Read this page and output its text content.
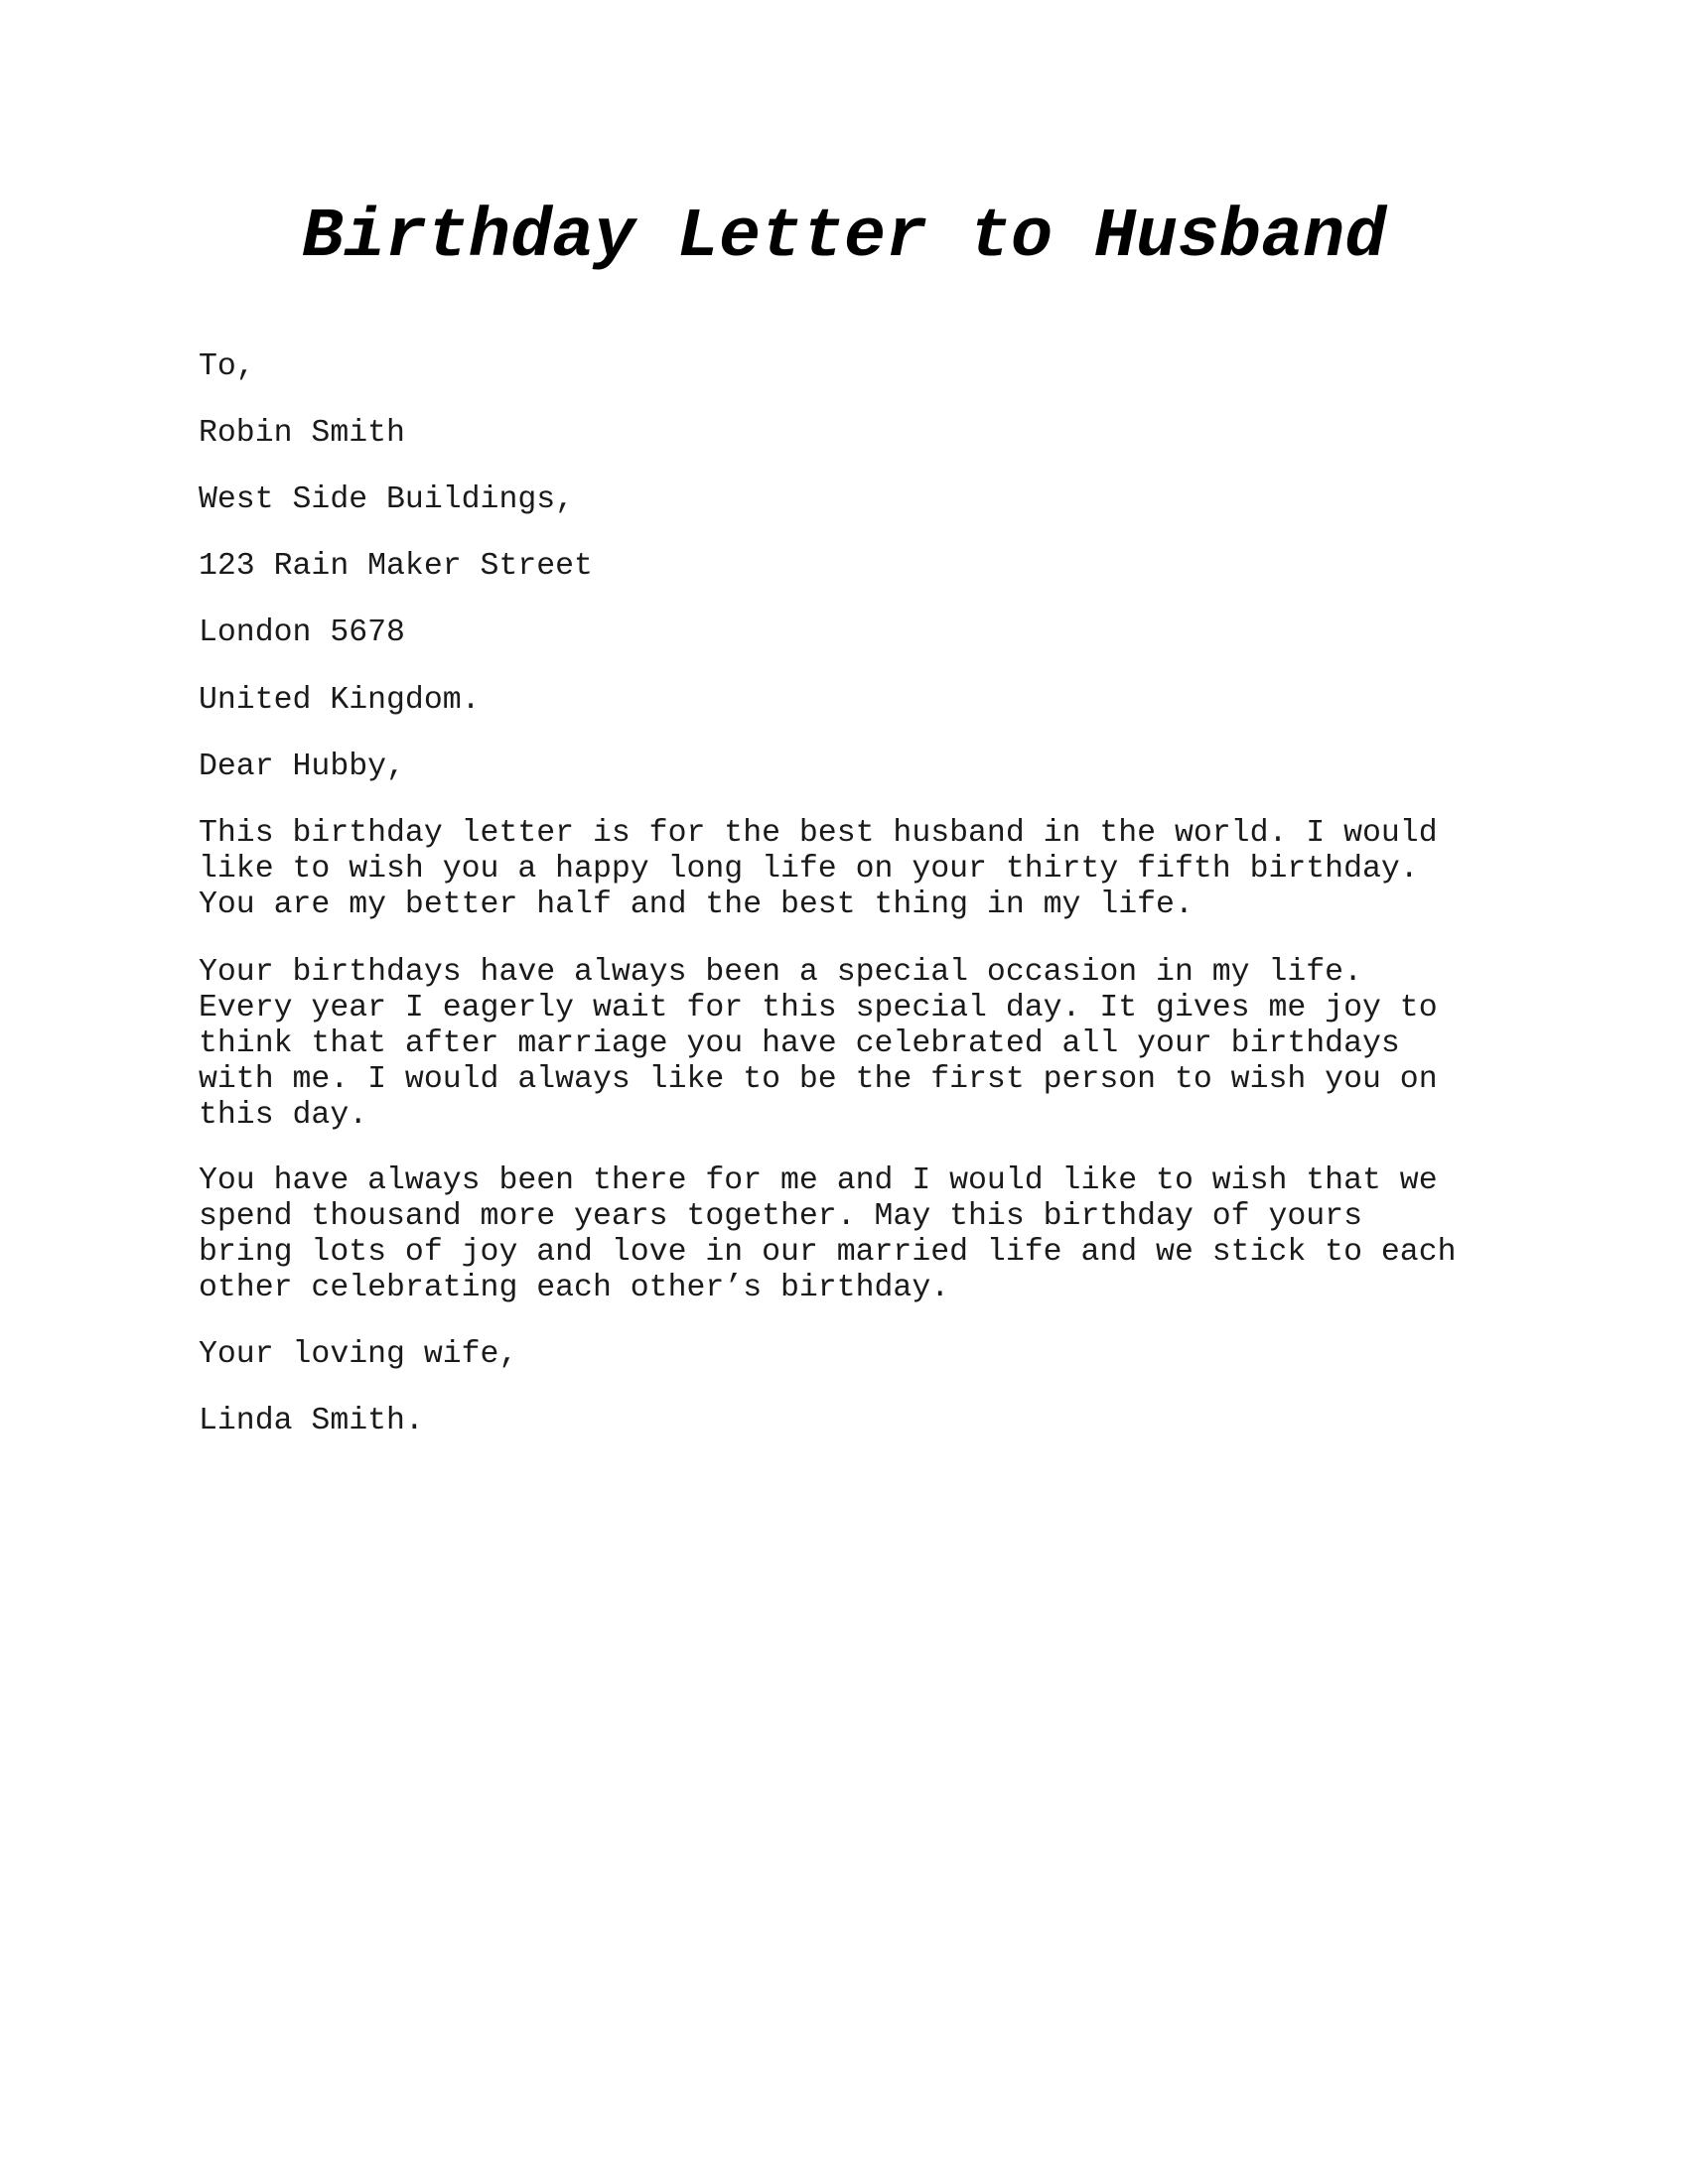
Birthday Letter to Husband

To,

Robin Smith

West Side Buildings,

123 Rain Maker Street

London 5678

United Kingdom.

Dear Hubby,

This birthday letter is for the best husband in the world. I would
like to wish you a happy long life on your thirty fifth birthday.
You are my better half and the best thing in my life.

Your birthdays have always been a special occasion in my life.
Every year I eagerly wait for this special day. It gives me joy to
think that after marriage you have celebrated all your birthdays
with me. I would always like to be the first person to wish you on
this day.

You have always been there for me and I would like to wish that we
spend thousand more years together. May this birthday of yours
bring lots of joy and love in our married life and we stick to each
other celebrating each other’s birthday.

Your loving wife,

Linda Smith.
